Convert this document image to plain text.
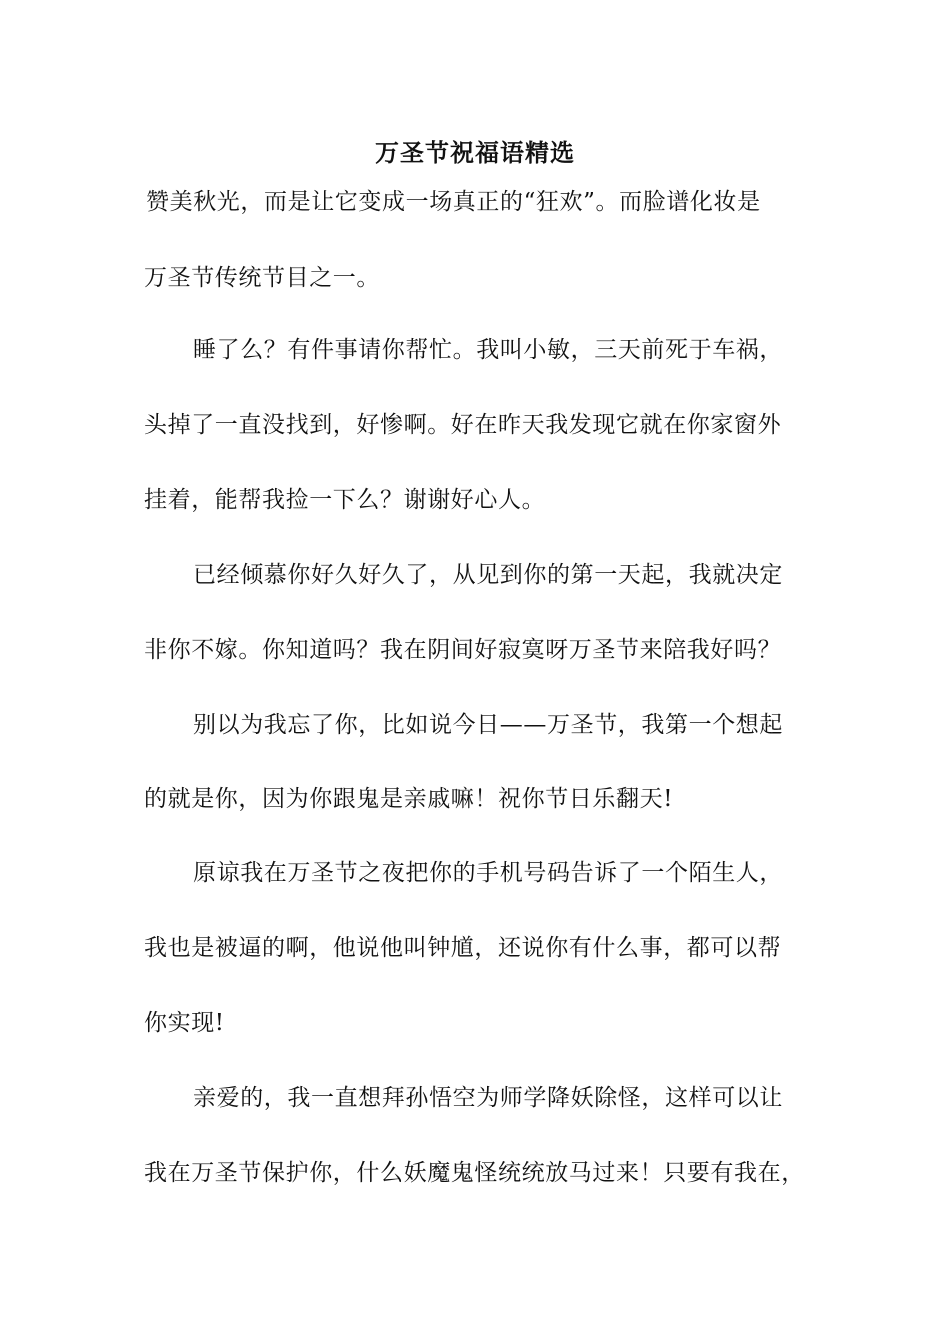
万圣节祝福语精选
赞美秋光，而是让它变成一场真正的“狂欢”。而脸谱化妆是
万圣节传统节目之一。
睡了么？有件事请你帮忙。我叫小敏，三天前死于车祸，
头掉了一直没找到，好惨啊。好在昨天我发现它就在你家窗外
挂着，能帮我捡一下么？谢谢好心人。
已经倾慕你好久好久了，从见到你的第一天起，我就决定
非你不嫁。你知道吗？我在阴间好寂寞呀万圣节来陪我好吗？
别以为我忘了你，比如说今日——万圣节，我第一个想起
的就是你，因为你跟鬼是亲戚嘛！祝你节日乐翻天!
原谅我在万圣节之夜把你的手机号码告诉了一个陌生人，
我也是被逼的啊，他说他叫钟馗，还说你有什么事，都可以帮
你实现!
亲爱的，我一直想拜孙悟空为师学降妖除怪，这样可以让
我在万圣节保护你，什么妖魔鬼怪统统放马过来！只要有我在，
